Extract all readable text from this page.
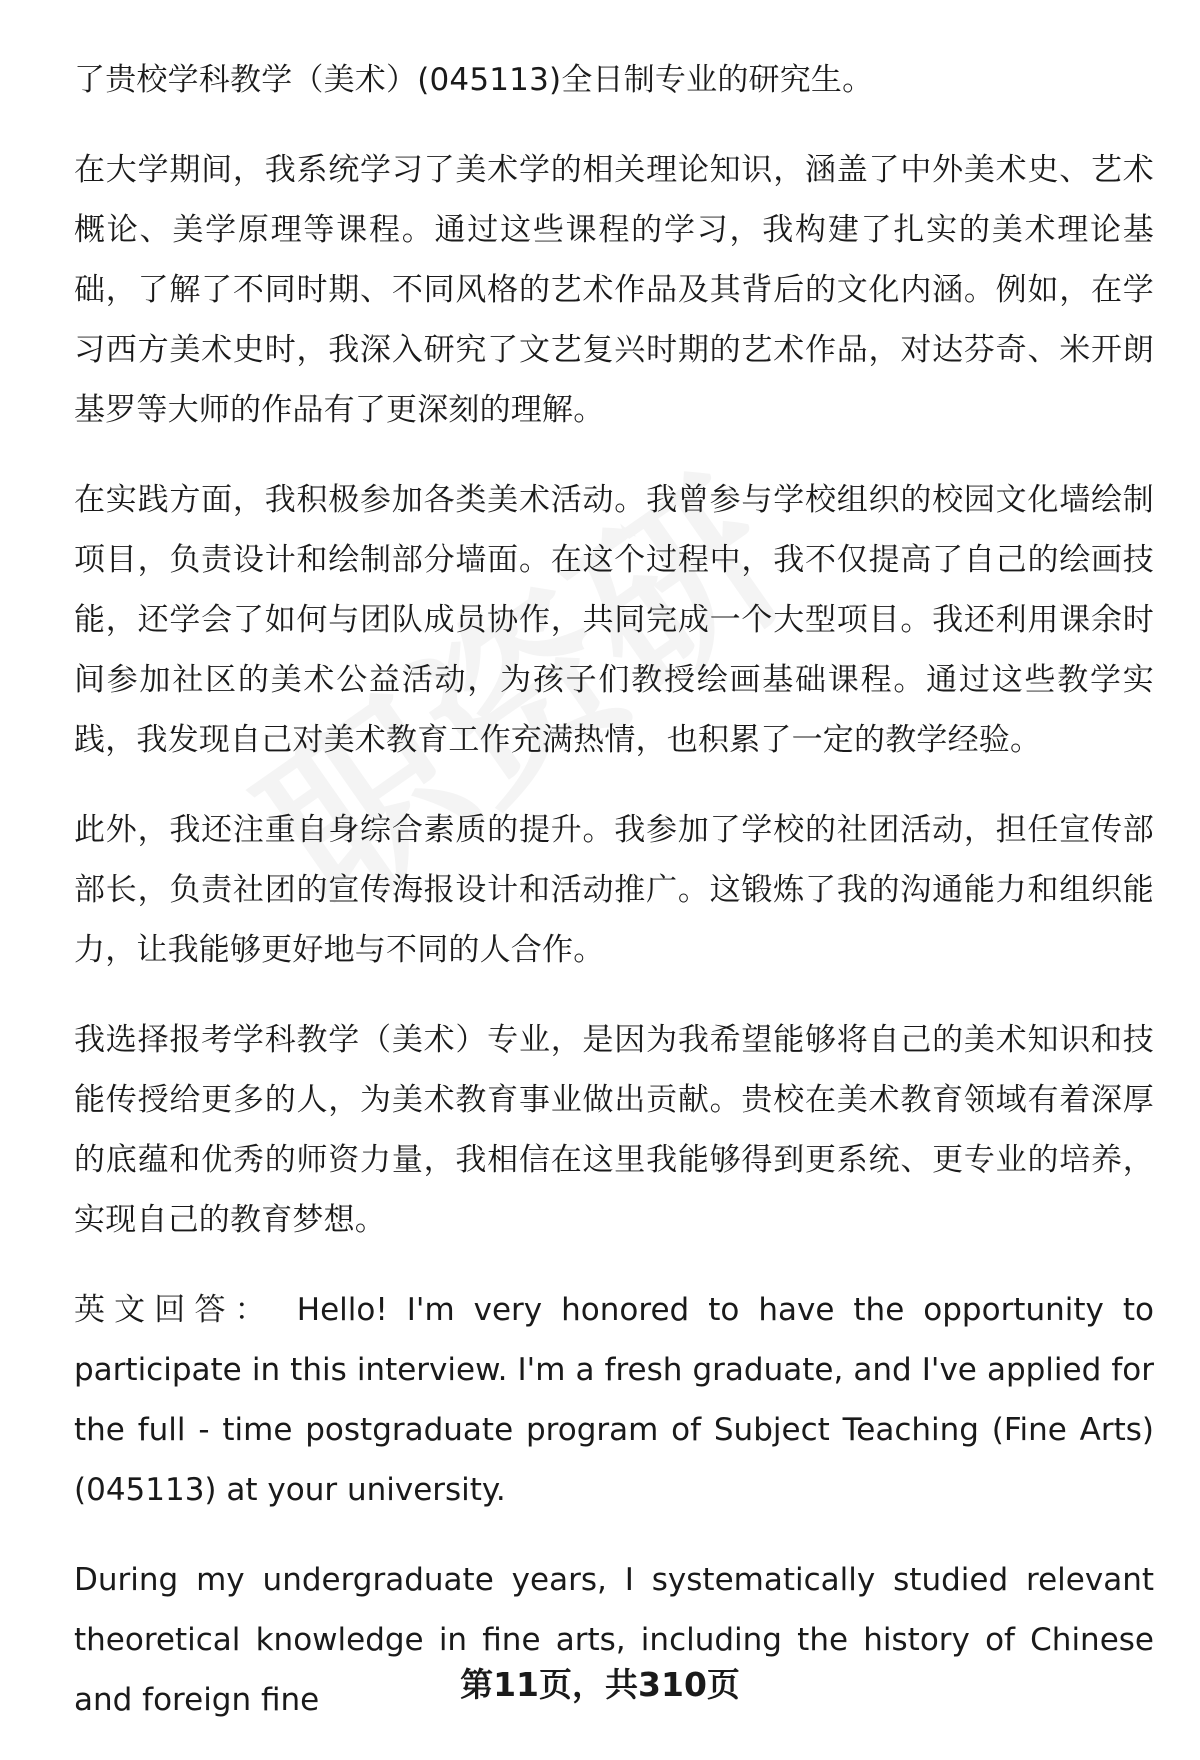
了贵校学科教学（美术）(045113)全日制专业的研究生。

在大学期间，我系统学习了美术学的相关理论知识，涵盖了中外美术史、艺术概论、美学原理等课程。通过这些课程的学习，我构建了扎实的美术理论基础，了解了不同时期、不同风格的艺术作品及其背后的文化内涵。例如，在学习西方美术史时，我深入研究了文艺复兴时期的艺术作品，对达芬奇、米开朗基罗等大师的作品有了更深刻的理解。

在实践方面，我积极参加各类美术活动。我曾参与学校组织的校园文化墙绘制项目，负责设计和绘制部分墙面。在这个过程中，我不仅提高了自己的绘画技能，还学会了如何与团队成员协作，共同完成一个大型项目。我还利用课余时间参加社区的美术公益活动，为孩子们教授绘画基础课程。通过这些教学实践，我发现自己对美术教育工作充满热情，也积累了一定的教学经验。

此外，我还注重自身综合素质的提升。我参加了学校的社团活动，担任宣传部部长，负责社团的宣传海报设计和活动推广。这锻炼了我的沟通能力和组织能力，让我能够更好地与不同的人合作。

我选择报考学科教学（美术）专业，是因为我希望能够将自己的美术知识和技能传授给更多的人，为美术教育事业做出贡献。贵校在美术教育领域有着深厚的底蕴和优秀的师资力量，我相信在这里我能够得到更系统、更专业的培养，实现自己的教育梦想。

英文回答： Hello! I'm very honored to have the opportunity to participate in this interview. I'm a fresh graduate, and I've applied for the full - time postgraduate program of Subject Teaching (Fine Arts) (045113) at your university.

During my undergraduate years, I systematically studied relevant theoretical knowledge in fine arts, including the history of Chinese and foreign fine	第11页，共310页
